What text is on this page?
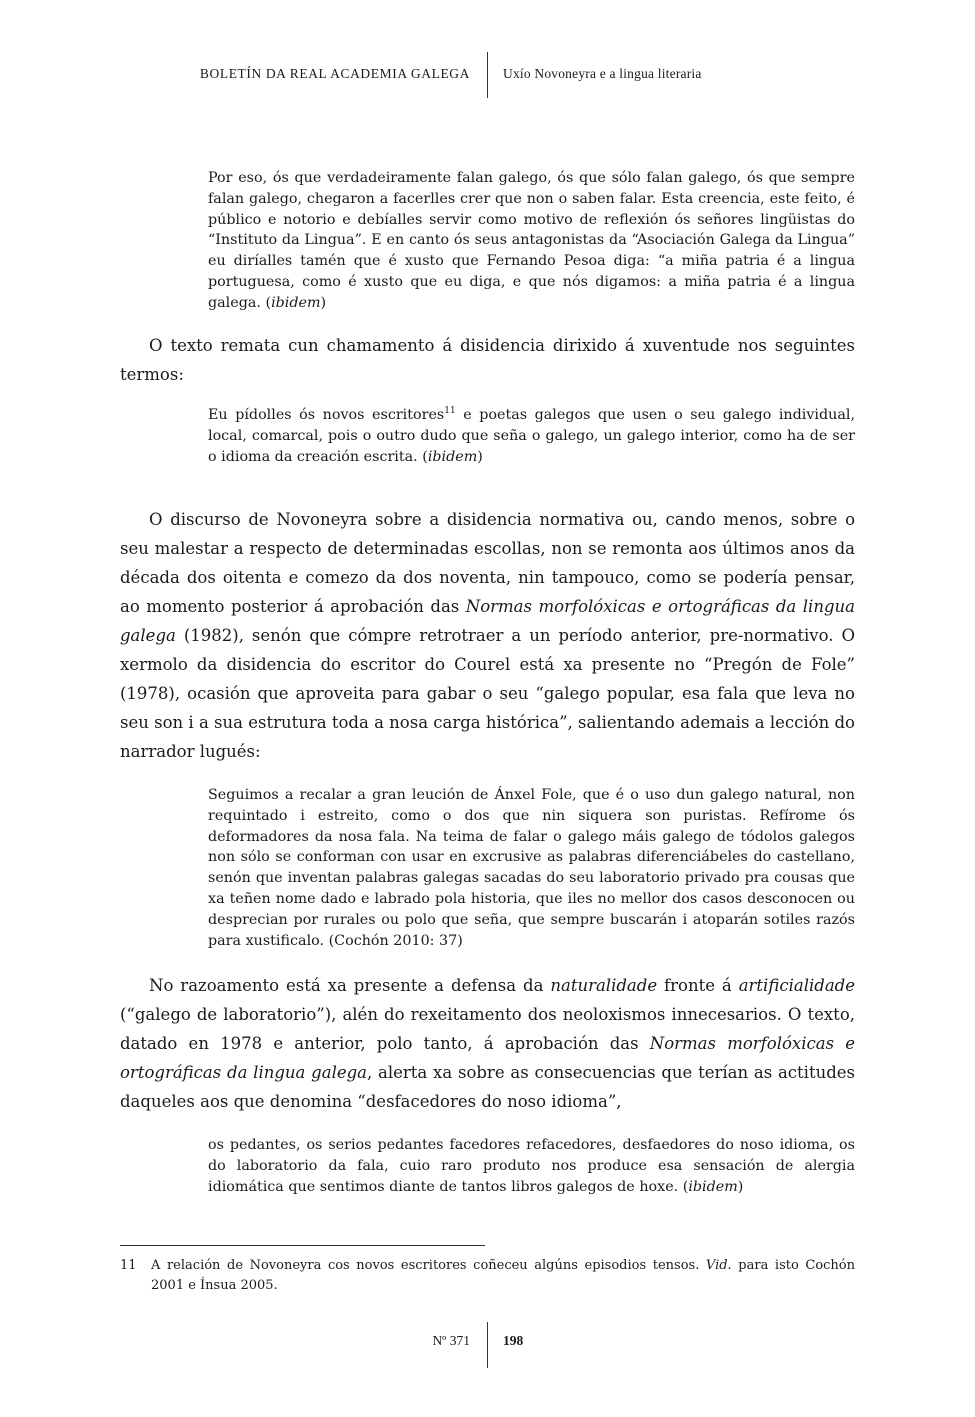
BOLETÍN DA REAL ACADEMIA GALEGA Uxío Novoneyra e a lingua literaria

Por eso, ós que verdadeiramente falan galego, ós que sólo falan galego, ós que sempre falan galego, chegaron a facerlles crer que non o saben falar. Esta creencia, este feito, é público e notorio e debíalles servir como motivo de reflexión ós señores lingüistas do “Instituto da Lingua”. E en canto ós seus antagonistas da “Asociación Galega da Lingua” eu diríalles tamén que é xusto que Fernando Pesoa diga: “a miña patria é a lingua portuguesa, como é xusto que eu diga, e que nós digamos: a miña patria é a lingua galega. (ibidem)

O texto remata cun chamamento á disidencia dirixido á xuventude nos seguintes termos:

Eu pídolles ós novos escritores$^{11}$ e poetas galegos que usen o seu galego individual, local, comarcal, pois o outro dudo que seña o galego, un galego interior, como ha de ser o idioma da creación escrita. (ibidem)

O discurso de Novoneyra sobre a disidencia normativa ou, cando menos, sobre o seu malestar a respecto de determinadas escollas, non se remonta aos últimos anos da década dos oitenta e comezo da dos noventa, nin tampouco, como se podería pensar, ao momento posterior á aprobación das Normas morfolóxicas e ortográficas da lingua galega (1982), senón que cómpre retrotraer a un período anterior, pre-normativo. O xermolo da disidencia do escritor do Courel está xa presente no “Pregón de Fole” (1978), ocasión que aproveita para gabar o seu “galego popular, esa fala que leva no seu son i a sua estrutura toda a nosa carga histórica”, salientando ademais a lección do narrador lugués:

Seguimos a recalar a gran leución de Ánxel Fole, que é o uso dun galego natural, non requintado i estreito, como o dos que nin siquera son puristas. Refírome ós deformadores da nosa fala. Na teima de falar o galego máis galego de tódolos galegos non sólo se conforman con usar en excrusive as palabras diferenciábeles do castellano, senón que inventan palabras galegas sacadas do seu laboratorio privado pra cousas que xa teñen nome dado e labrado pola historia, que iles no mellor dos casos desconocen ou desprecian por rurales ou polo que seña, que sempre buscarán i atoparán sotiles razós para xustificalo. (Cochón 2010: 37)

No razoamento está xa presente a defensa da naturalidade fronte á artificialidade (“galego de laboratorio”), alén do rexeitamento dos neoloxismos innecesarios. O texto, datado en 1978 e anterior, polo tanto, á aprobación das Normas morfolóxicas e ortográficas da lingua galega, alerta xa sobre as consecuencias que terían as actitudes daqueles aos que denomina “desfacedores do noso idioma”,

os pedantes, os serios pedantes facedores refacedores, desfaedores do noso idioma, os do laboratorio da fala, cuio raro produto nos produce esa sensación de alergia idiomática que sentimos diante de tantos libros galegos de hoxe. (ibidem)

11 A relación de Novoneyra cos novos escritores coñeceu algúns episodios tensos. Vid. para isto Cochón 2001 e Ínsua 2005.

Nº 371 198
